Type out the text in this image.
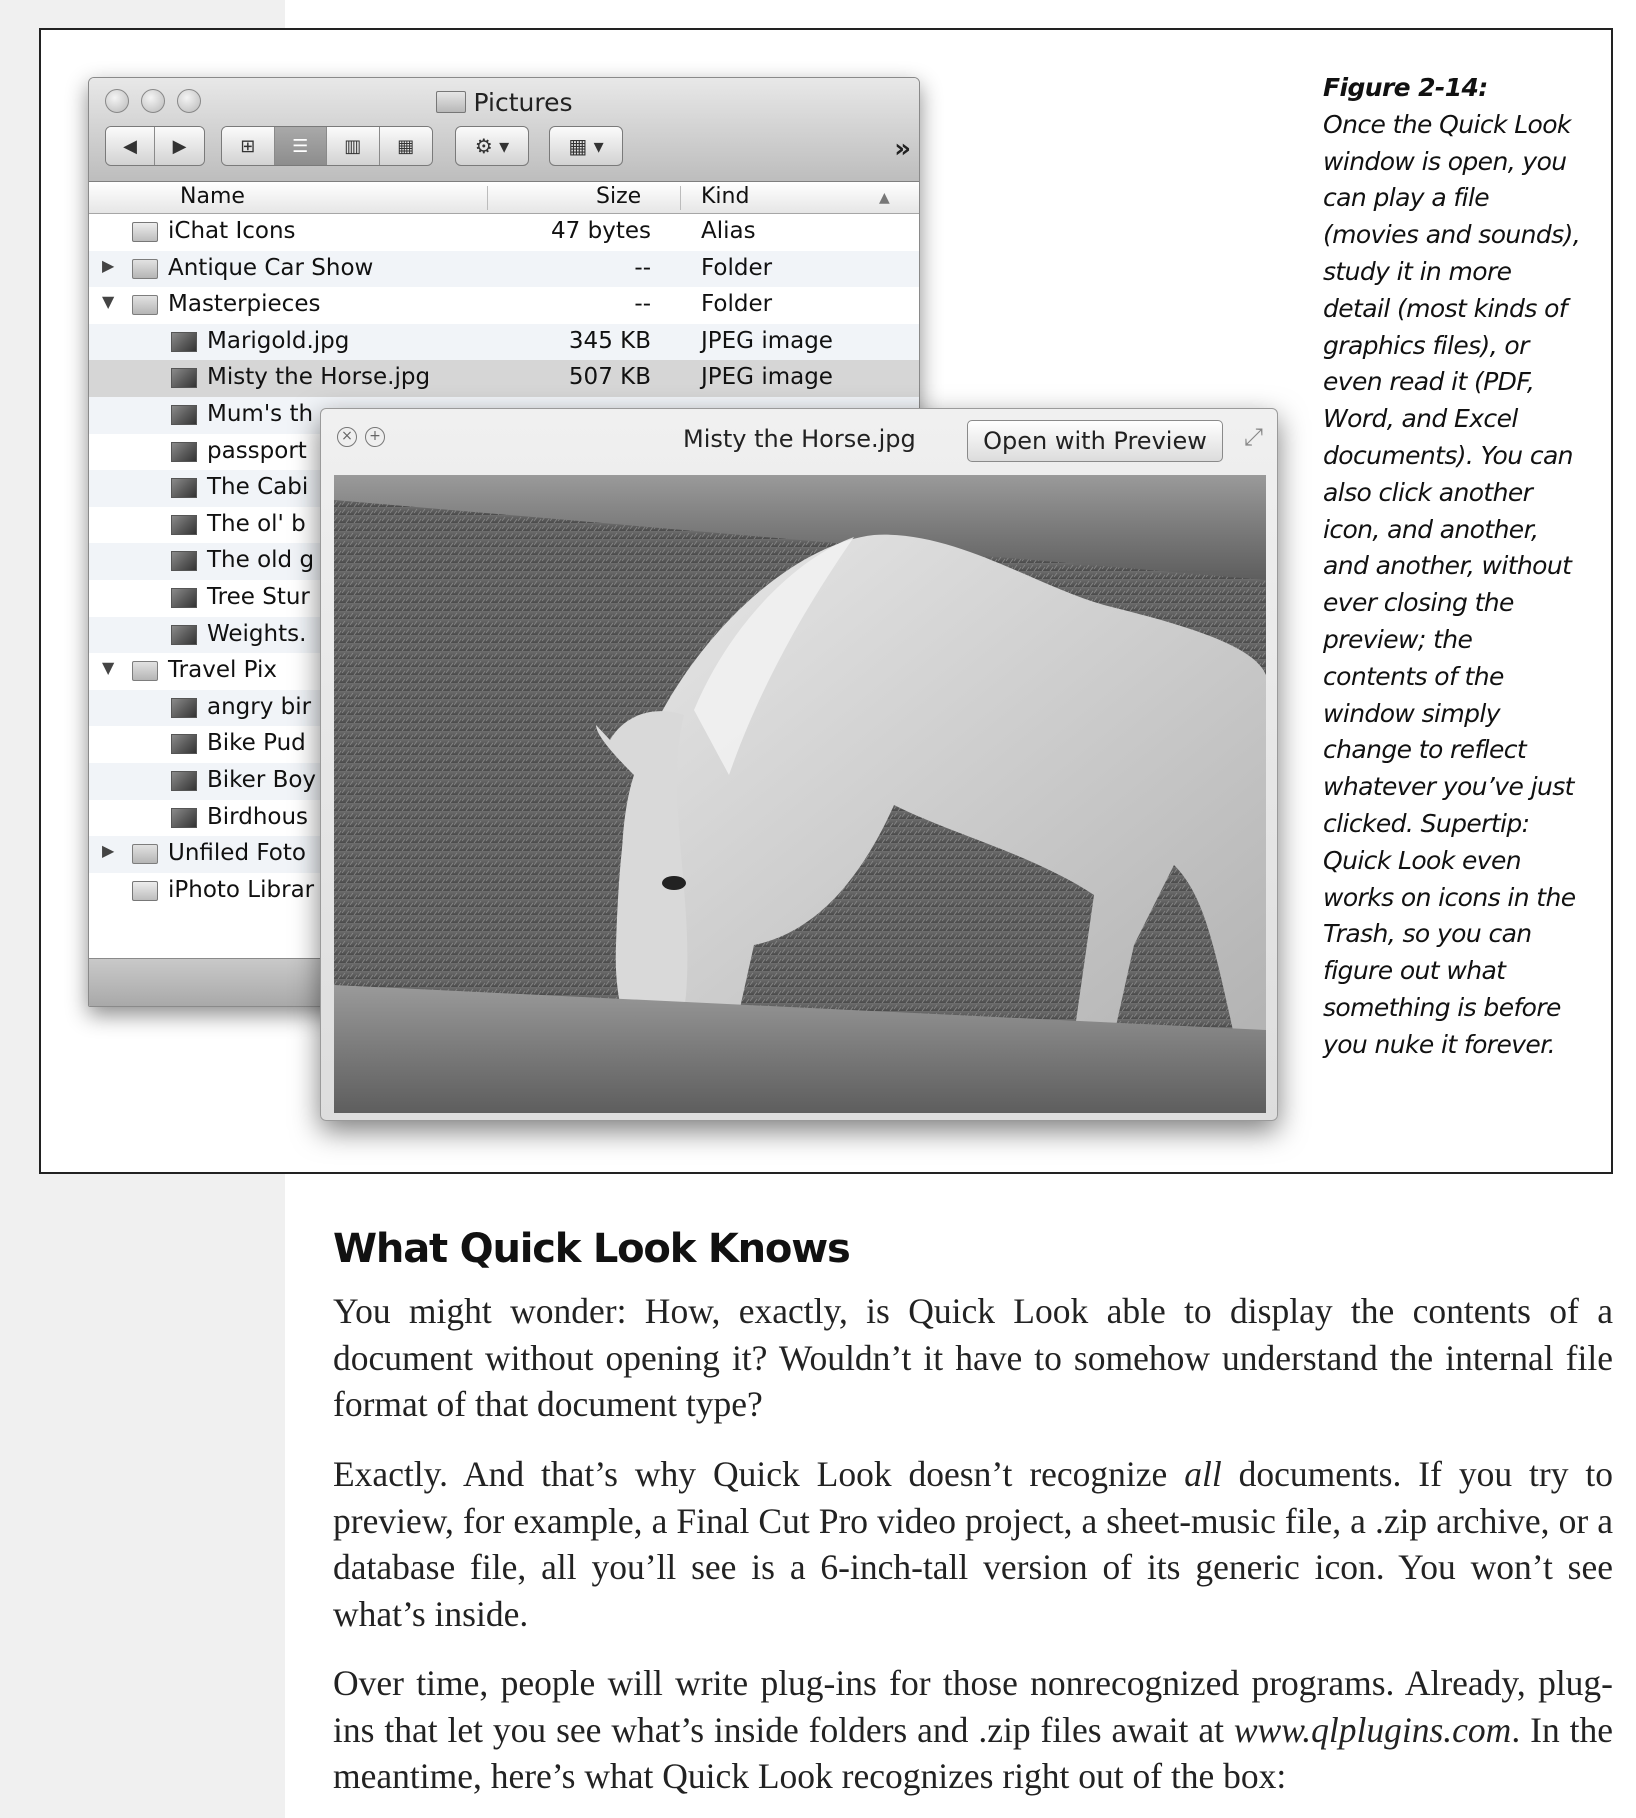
Pictures
◀	▶	⊞	☰	▥	▦	⚙ ▾	▦ ▾	»
Name	Size	Kind	▲
iChat Icons	47 bytes Alias
▶ Antique Car Show	-- Folder
▼ Masterpieces	-- Folder
Marigold.jpg	345 KB JPEG image
Misty the Horse.jpg	507 KB JPEG image
Mum's th
passport
The Cabi
The ol' b
The old g
Tree Stur
Weights.
▼ Travel Pix
angry bir
Bike Pud
Biker Boy
Birdhous
▶ Unfiled Foto
iPhoto Librar
× +	Misty the Horse.jpg	Open with Preview	⤢
Figure 2-14:
Once the Quick Look window is open, you can play a file (movies and sounds), study it in more detail (most kinds of graphics files), or even read it (PDF, Word, and Excel documents). You can also click another icon, and another, and another, without ever closing the preview; the contents of the window simply change to reflect whatever you’ve just clicked. Supertip: Quick Look even works on icons in the Trash, so you can figure out what something is before you nuke it forever.
What Quick Look Knows

You might wonder: How, exactly, is Quick Look able to display the contents of a document without opening it? Wouldn’t it have to somehow understand the internal file format of that document type?

Exactly. And that’s why Quick Look doesn’t recognize all documents. If you try to preview, for example, a Final Cut Pro video project, a sheet-music file, a .zip archive, or a database file, all you’ll see is a 6-inch-tall version of its generic icon. You won’t see what’s inside.

Over time, people will write plug-ins for those nonrecognized programs. Already, plug-ins that let you see what’s inside folders and .zip files await at www.qlplugins.com. In the meantime, here’s what Quick Look recognizes right out of the box:
